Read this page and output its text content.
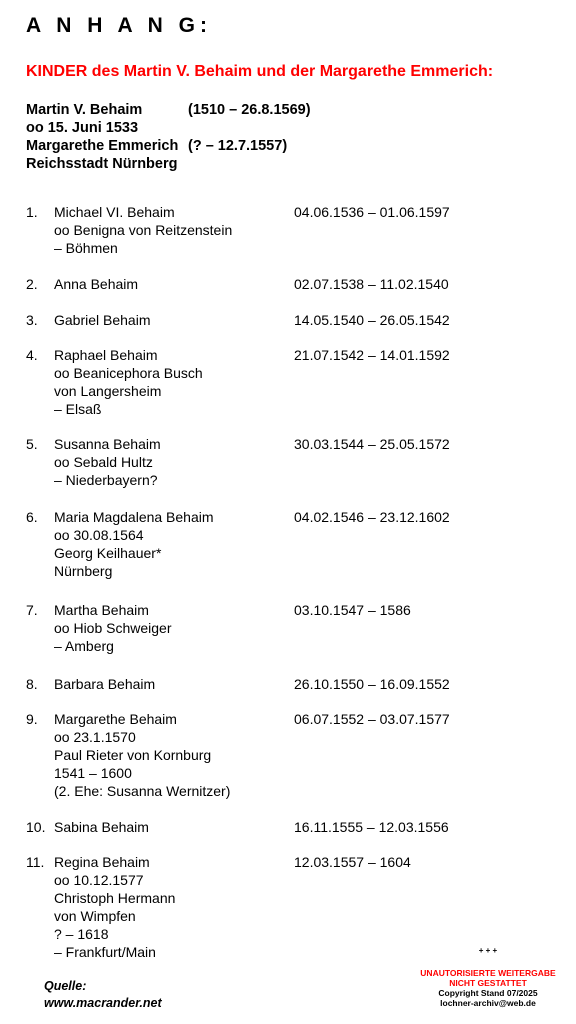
A N H A N G:
KINDER des Martin V. Behaim und der Margarethe Emmerich:
Martin V. Behaim	(1510 – 26.8.1569)
oo 15. Juni 1533
Margarethe Emmerich (? – 12.7.1557)
Reichsstadt Nürnberg
1.	Michael VI. Behaim
oo Benigna von Reitzenstein
– Böhmen
04.06.1536 – 01.06.1597
2.	Anna Behaim	02.07.1538 – 11.02.1540
3.	Gabriel Behaim	14.05.1540 – 26.05.1542
4.	Raphael Behaim
oo Beanicephora Busch
von Langersheim
– Elsaß
21.07.1542 – 14.01.1592
5.	Susanna Behaim
oo Sebald Hultz
– Niederbayern?
30.03.1544 – 25.05.1572
6.	Maria Magdalena Behaim
oo 30.08.1564
Georg Keilhauer*
Nürnberg
04.02.1546 – 23.12.1602
7.	Martha Behaim
oo Hiob Schweiger
– Amberg
03.10.1547 – 1586
8.	Barbara Behaim	26.10.1550 – 16.09.1552
9.	Margarethe Behaim
oo 23.1.1570
Paul Rieter von Kornburg
1541 – 1600
(2. Ehe: Susanna Wernitzer)
06.07.1552 – 03.07.1577
10. Sabina Behaim	16.11.1555 – 12.03.1556
11. Regina Behaim
oo 10.12.1577
Christoph Hermann
von Wimpfen
? – 1618
– Frankfurt/Main
12.03.1557 – 1604
Quelle:
www.macrander.net
+ + +
UNAUTORISIERTE WEITERGABE
NICHT GESTATTET
Copyright Stand 07/2025
lochner-archiv@web.de
